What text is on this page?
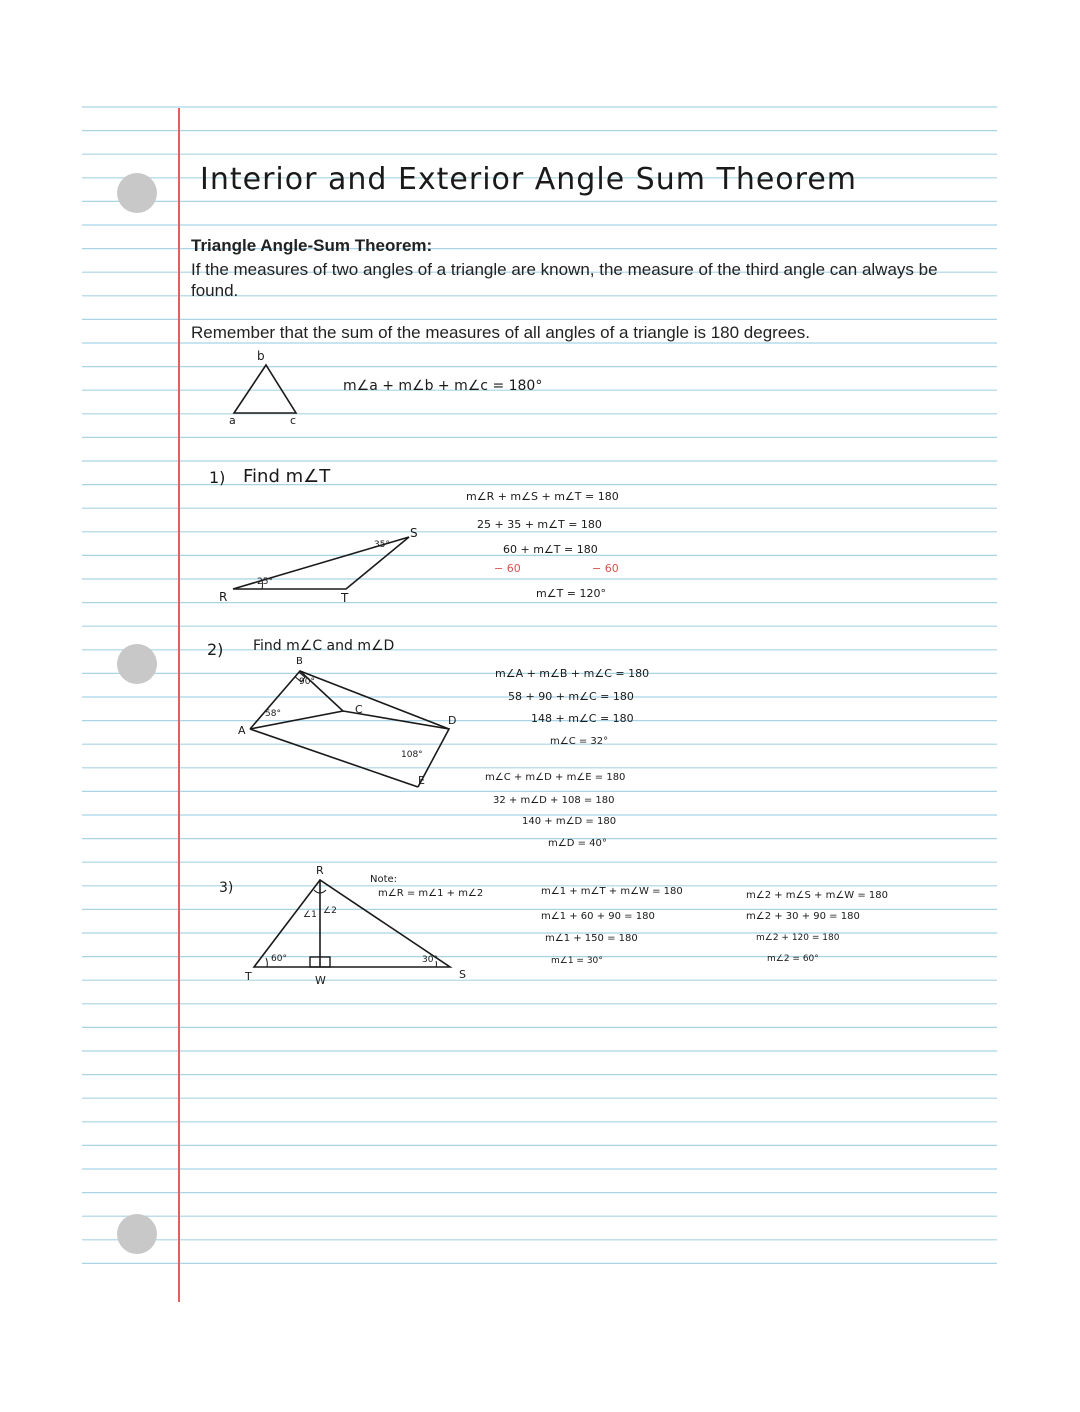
Interior and Exterior Angle Sum Theorem
Triangle Angle-Sum Theorem:
If the measures of two angles of a triangle are known, the measure of the third angle can always be found.
Remember that the sum of the measures of all angles of a triangle is 180 degrees.
b
a	c
m∠a + m∠b + m∠c = 180°
1) Find m∠T
R
S
T
25°
35°
m∠R + m∠S + m∠T = 180
25 + 35 + m∠T = 180
60 + m∠T = 180
− 60	− 60
m∠T = 120°
2) Find m∠C and m∠D
B
90°
A
58°	C
D
E
108°
m∠A + m∠B + m∠C = 180
58 + 90 + m∠C = 180
148 + m∠C = 180
m∠C = 32°
m∠C + m∠D + m∠E = 180
32 + m∠D + 108 = 180
140 + m∠D = 180
m∠D = 40°
3)
R
T	W	S
∠1 ∠2
60°	30°
Note:
m∠R = m∠1 + m∠2	m∠1 + m∠T + m∠W = 180
m∠1 + 60 + 90 = 180
m∠1 + 150 = 180
m∠1 = 30°
m∠2 + m∠S + m∠W = 180
m∠2 + 30 + 90 = 180
m∠2 + 120 = 180
m∠2 = 60°
